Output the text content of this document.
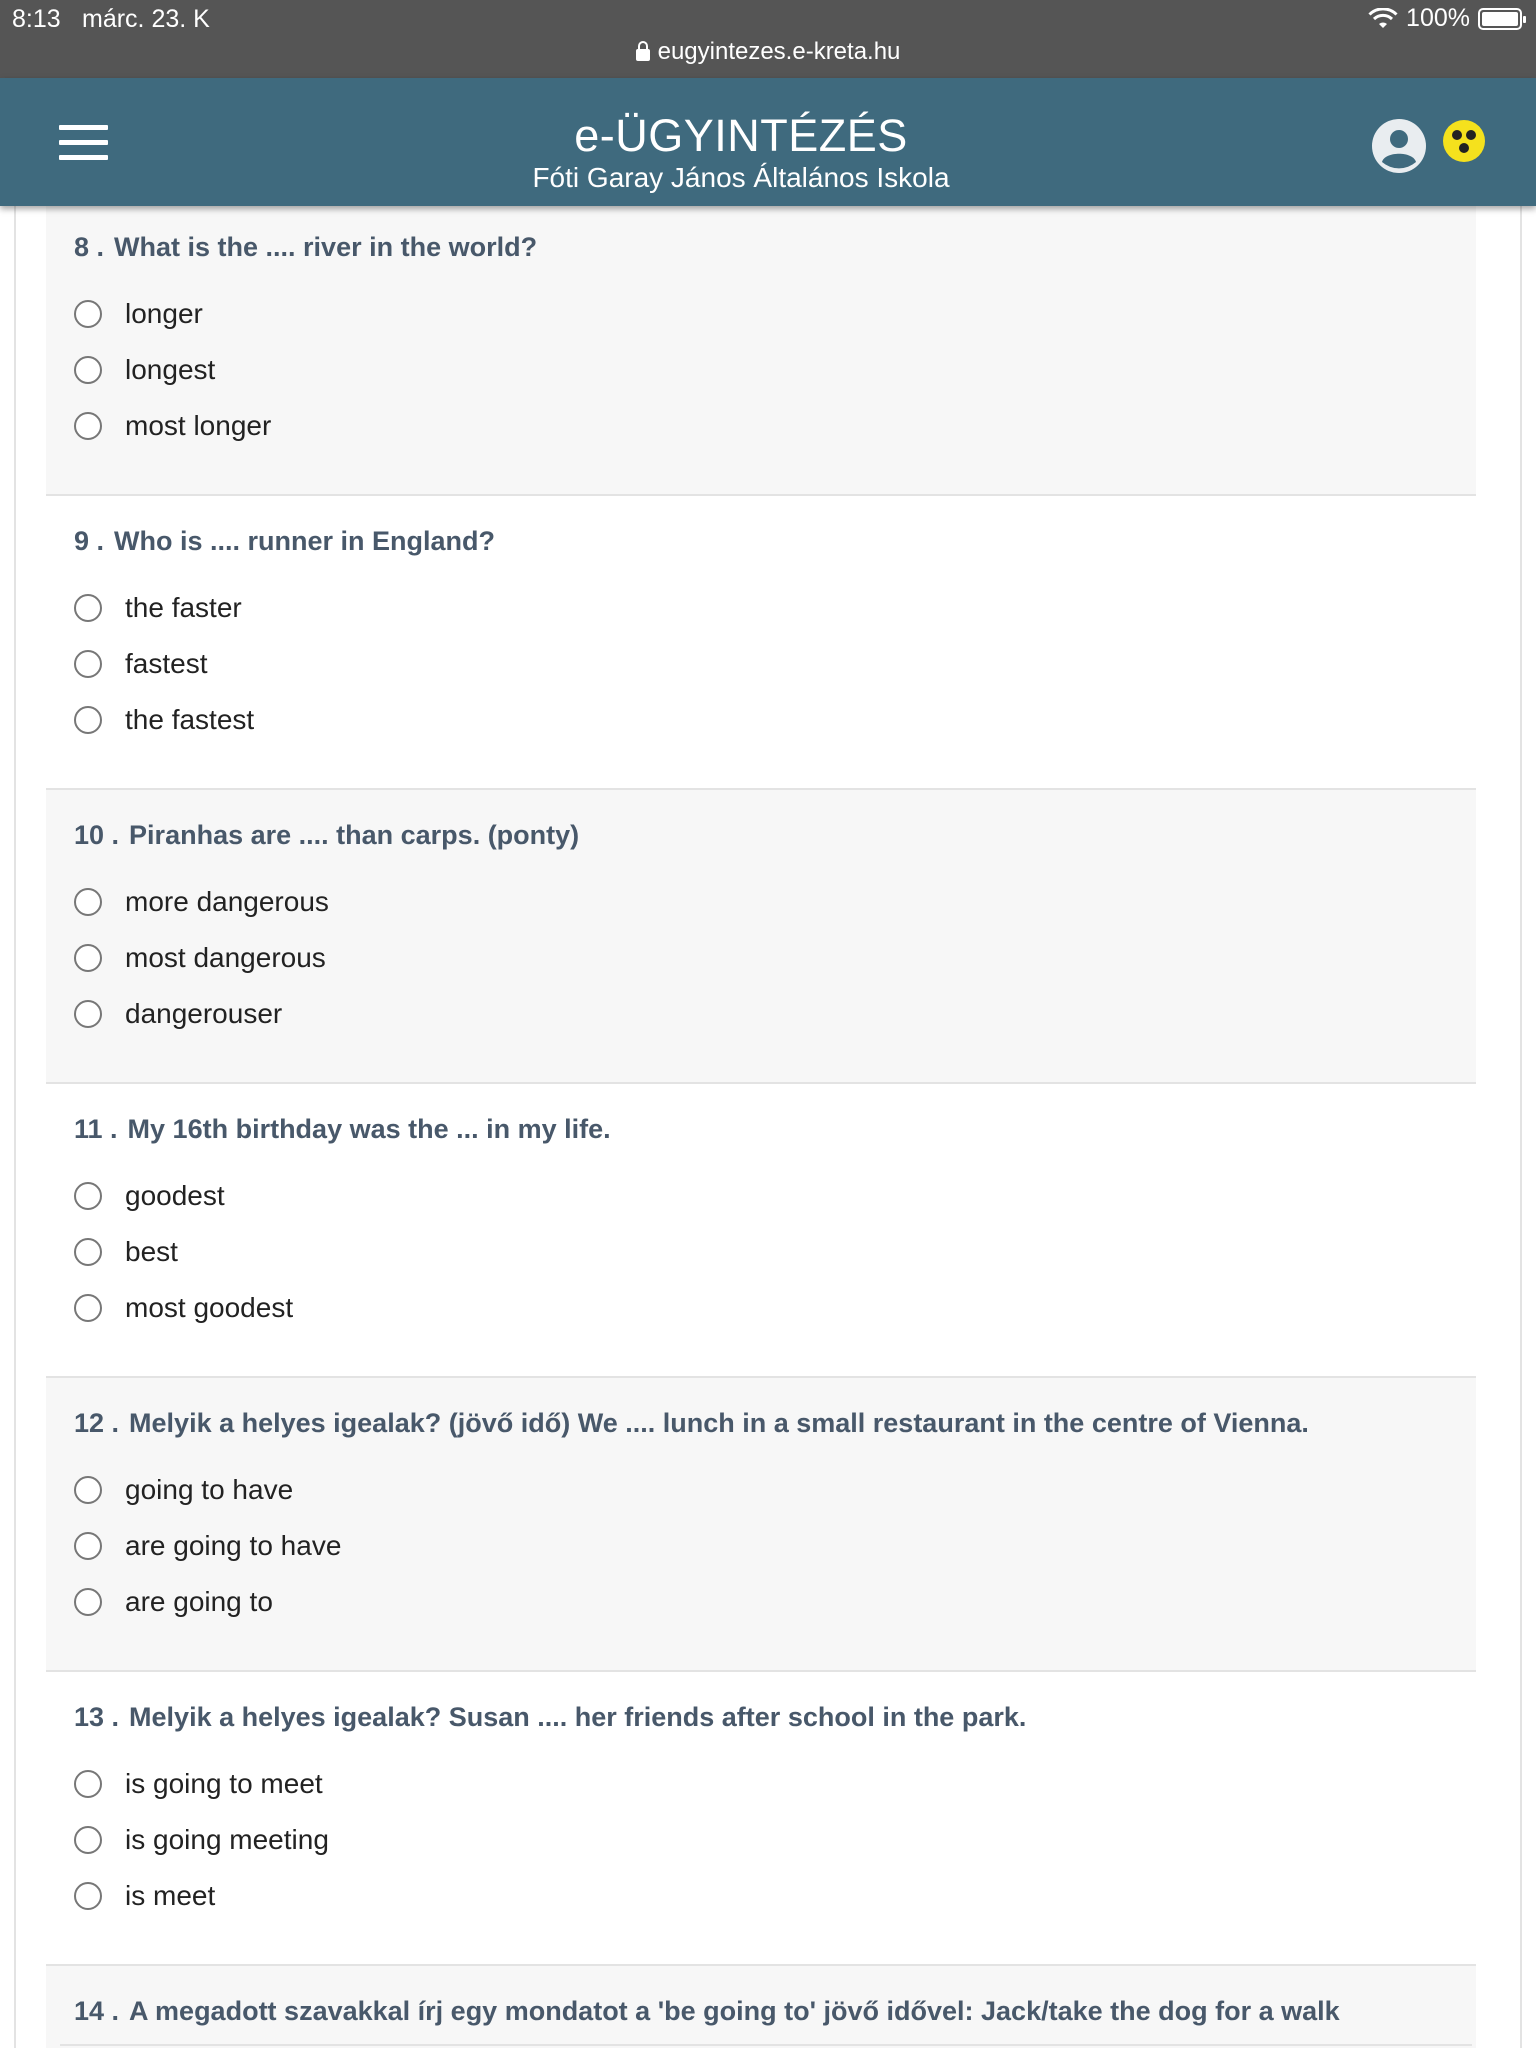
8:13 márc. 23. K	100%
eugyintezes.e-kreta.hu
e-ÜGYINTÉZÉS
Fóti Garay János Általános Iskola
8 . What is the .... river in the world?
longer
longest
most longer
9 . Who is .... runner in England?
the faster
fastest
the fastest
10 . Piranhas are .... than carps. (ponty)
more dangerous
most dangerous
dangerouser
11 . My 16th birthday was the ... in my life.
goodest
best
most goodest
12 . Melyik a helyes igealak? (jövő idő) We .... lunch in a small restaurant in the centre of Vienna.
going to have
are going to have
are going to
13 . Melyik a helyes igealak? Susan .... her friends after school in the park.
is going to meet
is going meeting
is meet
14 . A megadott szavakkal írj egy mondatot a 'be going to' jövő idővel: Jack/take the dog for a walk
